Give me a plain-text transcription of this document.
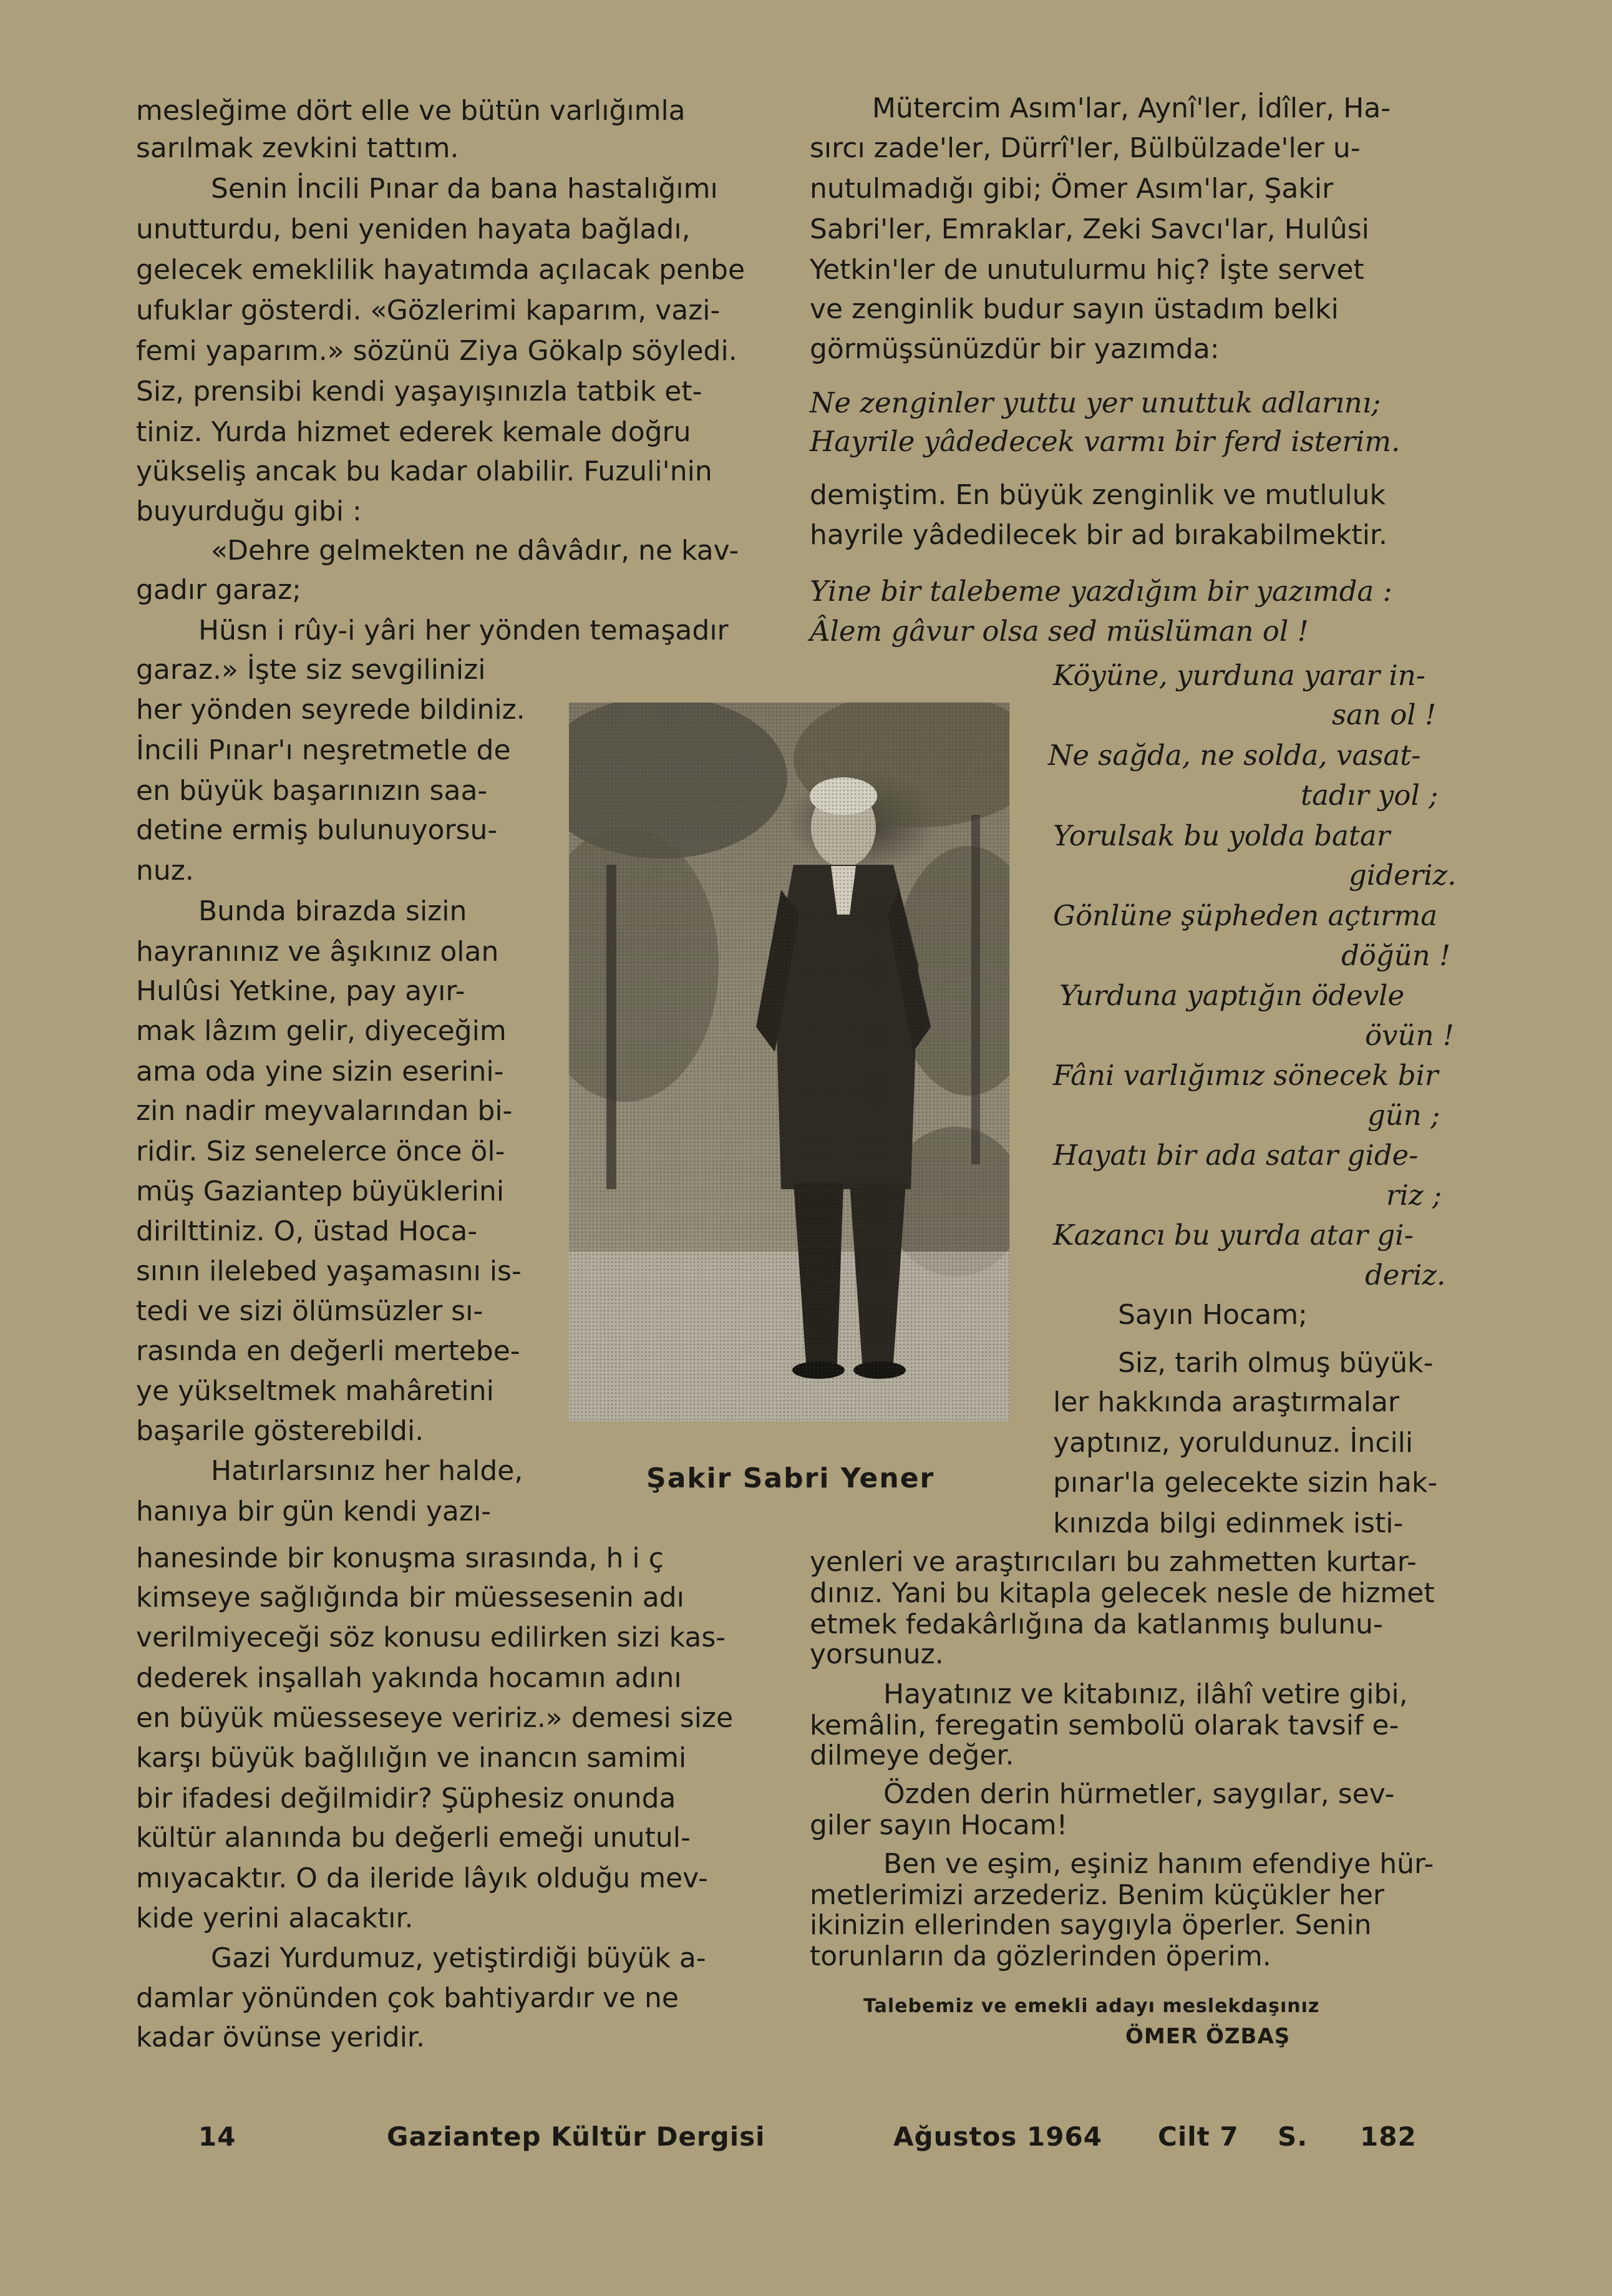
mesleğime dört elle ve bütün varlığımla
sarılmak zevkini tattım.
Senin İncili Pınar da bana hastalığımı
unutturdu, beni yeniden hayata bağladı,
gelecek emeklilik hayatımda açılacak penbe
ufuklar gösterdi. «Gözlerimi kaparım, vazi-
femi yaparım.» sözünü Ziya Gökalp söyledi.
Siz, prensibi kendi yaşayışınızla tatbik et-
tiniz. Yurda hizmet ederek kemale doğru
yükseliş ancak bu kadar olabilir. Fuzuli'nin
buyurduğu gibi :
«Dehre gelmekten ne dâvâdır, ne kav-
gadır garaz;
Hüsn i rûy-i yâri her yönden temaşadır
garaz.» İşte siz sevgilinizi
her yönden seyrede bildiniz.
İncili Pınar'ı neşretmetle de
en büyük başarınızın saa-
detine ermiş bulunuyorsu-
nuz.
Bunda birazda sizin
hayranınız ve âşıkınız olan
Hulûsi Yetkine, pay ayır-
mak lâzım gelir, diyeceğim
ama oda yine sizin eserini-
zin nadir meyvalarından bi-
ridir. Siz senelerce önce öl-
müş Gaziantep büyüklerini
dirilttiniz. O, üstad Hoca-
sının ilelebed yaşamasını is-
tedi ve sizi ölümsüzler sı-
rasında en değerli mertebe-
ye yükseltmek mahâretini
başarile gösterebildi.
Hatırlarsınız her halde,
hanıya bir gün kendi yazı-
hanesinde bir konuşma sırasında, h i ç
kimseye sağlığında bir müessesenin adı
verilmiyeceği söz konusu edilirken sizi kas-
dederek inşallah yakında hocamın adını
en büyük müesseseye veririz.» demesi size
karşı büyük bağlılığın ve inancın samimi
bir ifadesi değilmidir? Şüphesiz onunda
kültür alanında bu değerli emeği unutul-
mıyacaktır. O da ileride lâyık olduğu mev-
kide yerini alacaktır.
Gazi Yurdumuz, yetiştirdiği büyük a-
damlar yönünden çok bahtiyardır ve ne
kadar övünse yeridir.
Şakir Sabri Yener
Mütercim Asım'lar, Aynî'ler, İdîler, Ha-
sırcı zade'ler, Dürrî'ler, Bülbülzade'ler u-
nutulmadığı gibi; Ömer Asım'lar, Şakir
Sabri'ler, Emraklar, Zeki Savcı'lar, Hulûsi
Yetkin'ler de unutulurmu hiç? İşte servet
ve zenginlik budur sayın üstadım belki
görmüşsünüzdür bir yazımda:
Ne zenginler yuttu yer unuttuk adlarını;
Hayrile yâdedecek varmı bir ferd isterim.
demiştim. En büyük zenginlik ve mutluluk
hayrile yâdedilecek bir ad bırakabilmektir.
Yine bir talebeme yazdığım bir yazımda :
Âlem gâvur olsa sed müslüman ol !
Köyüne, yurduna yarar in-
san ol !
Ne sağda, ne solda, vasat-
tadır yol ;
Yorulsak bu yolda batar
gideriz.
Gönlüne şüpheden açtırma
döğün !
Yurduna yaptığın ödevle
övün !
Fâni varlığımız sönecek bir
gün ;
Hayatı bir ada satar gide-
riz ;
Kazancı bu yurda atar gi-
deriz.
Sayın Hocam;
Siz, tarih olmuş büyük-
ler hakkında araştırmalar
yaptınız, yoruldunuz. İncili
pınar'la gelecekte sizin hak-
kınızda bilgi edinmek isti-
yenleri ve araştırıcıları bu zahmetten kurtar-
dınız. Yani bu kitapla gelecek nesle de hizmet
etmek fedakârlığına da katlanmış bulunu-
yorsunuz.
Hayatınız ve kitabınız, ilâhî vetire gibi,
kemâlin, feregatin sembolü olarak tavsif e-
dilmeye değer.
Özden derin hürmetler, saygılar, sev-
giler sayın Hocam!
Ben ve eşim, eşiniz hanım efendiye hür-
metlerimizi arzederiz. Benim küçükler her
ikinizin ellerinden saygıyla öperler. Senin
torunların da gözlerinden öperim.
Talebemiz ve emekli adayı meslekdaşınız
ÖMER ÖZBAŞ
14	Gaziantep Kültür Dergisi	Ağustos 1964 Cilt 7 S. 182
